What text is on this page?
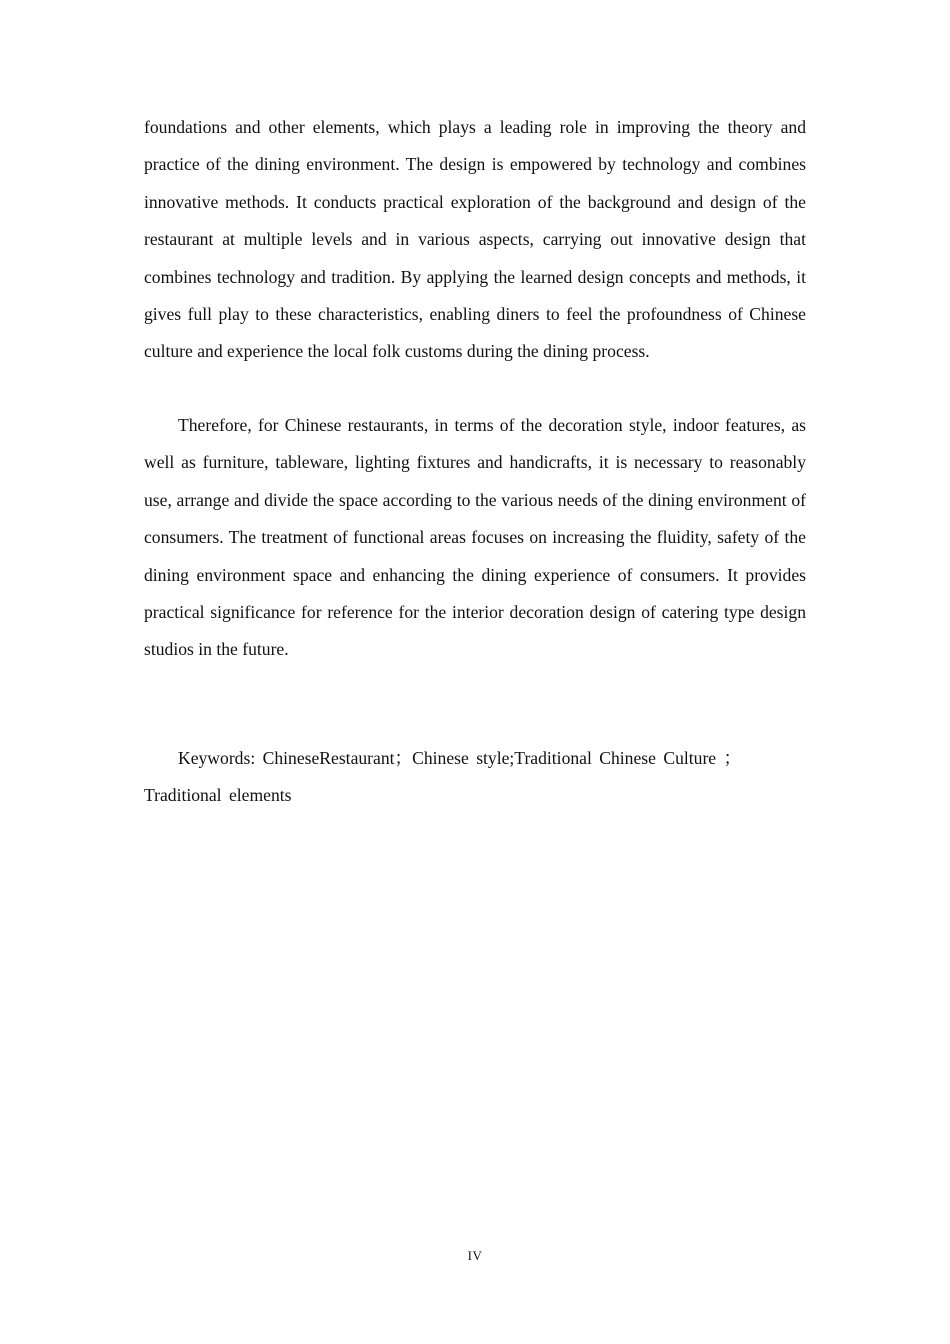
foundations and other elements, which plays a leading role in improving the theory and practice of the dining environment. The design is empowered by technology and combines innovative methods. It conducts practical exploration of the background and design of the restaurant at multiple levels and in various aspects, carrying out innovative design that combines technology and tradition. By applying the learned design concepts and methods, it gives full play to these characteristics, enabling diners to feel the profoundness of Chinese culture and experience the local folk customs during the dining process.

Therefore, for Chinese restaurants, in terms of the decoration style, indoor features, as well as furniture, tableware, lighting fixtures and handicrafts, it is necessary to reasonably use, arrange and divide the space according to the various needs of the dining environment of consumers. The treatment of functional areas focuses on increasing the fluidity, safety of the dining environment space and enhancing the dining experience of consumers. It provides practical significance for reference for the interior decoration design of catering type design studios in the future.

Keywords: ChineseRestaurant；Chinese style;Traditional Chinese Culture ；Traditional elements

IV
